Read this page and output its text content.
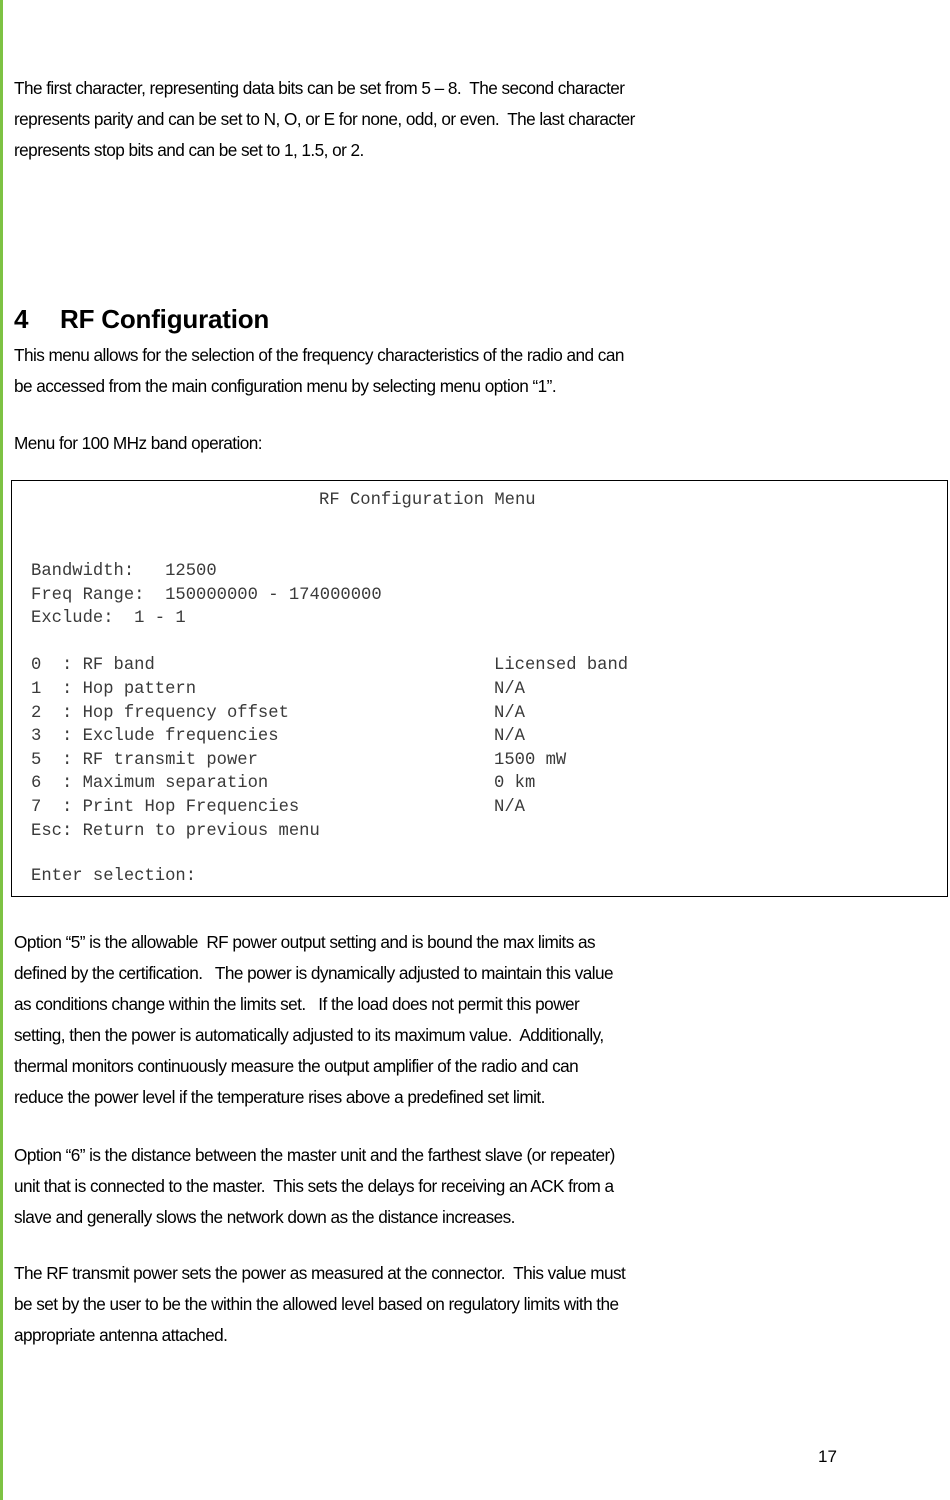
The first character, representing data bits can be set from 5 – 8.  The second character
represents parity and can be set to N, O, or E for none, odd, or even.  The last character
represents stop bits and can be set to 1, 1.5, or 2.
4 RF Configuration
This menu allows for the selection of the frequency characteristics of the radio and can
be accessed from the main configuration menu by selecting menu option “1”.
Menu for 100 MHz band operation:
RF Configuration Menu
Bandwidth:   12500
Freq Range:  150000000 - 174000000
Exclude:  1 - 1
0  : RF band	Licensed band
1  : Hop pattern	N/A
2  : Hop frequency offset	N/A
3  : Exclude frequencies	N/A
5  : RF transmit power	1500 mW
6  : Maximum separation	0 km
7  : Print Hop Frequencies	N/A
Esc: Return to previous menu
Enter selection:
Option “5” is the allowable  RF power output setting and is bound the max limits as
defined by the certification.   The power is dynamically adjusted to maintain this value
as conditions change within the limits set.   If the load does not permit this power
setting, then the power is automatically adjusted to its maximum value.  Additionally,
thermal monitors continuously measure the output amplifier of the radio and can
reduce the power level if the temperature rises above a predefined set limit.
Option “6” is the distance between the master unit and the farthest slave (or repeater)
unit that is connected to the master.  This sets the delays for receiving an ACK from a
slave and generally slows the network down as the distance increases.
The RF transmit power sets the power as measured at the connector.  This value must
be set by the user to be the within the allowed level based on regulatory limits with the
appropriate antenna attached.
17
